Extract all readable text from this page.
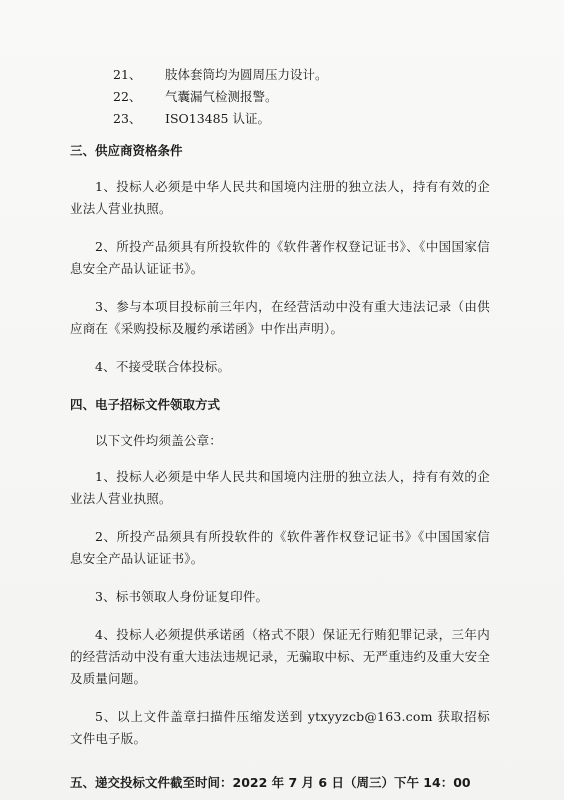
21、	肢体套筒均为圆周压力设计。
22、	气囊漏气检测报警。
23、	ISO13485 认证。
三、供应商资格条件

1、投标人必须是中华人民共和国境内注册的独立法人，持有有效的企业法人营业执照。

2、所投产品须具有所投软件的《软件著作权登记证书》、《中国国家信息安全产品认证证书》。

3、参与本项目投标前三年内，在经营活动中没有重大违法记录（由供应商在《采购投标及履约承诺函》中作出声明）。

4、不接受联合体投标。

四、电子招标文件领取方式

以下文件均须盖公章：

1、投标人必须是中华人民共和国境内注册的独立法人，持有有效的企业法人营业执照。

2、所投产品须具有所投软件的《软件著作权登记证书》《中国国家信息安全产品认证证书》。

3、标书领取人身份证复印件。

4、投标人必须提供承诺函（格式不限）保证无行贿犯罪记录，三年内的经营活动中没有重大违法违规记录，无骗取中标、无严重违约及重大安全及质量问题。

5、以上文件盖章扫描件压缩发送到 ytxyyzcb@163.com 获取招标文件电子版。

五、递交投标文件截至时间：2022 年 7 月 6 日（周三）下午 14：00
